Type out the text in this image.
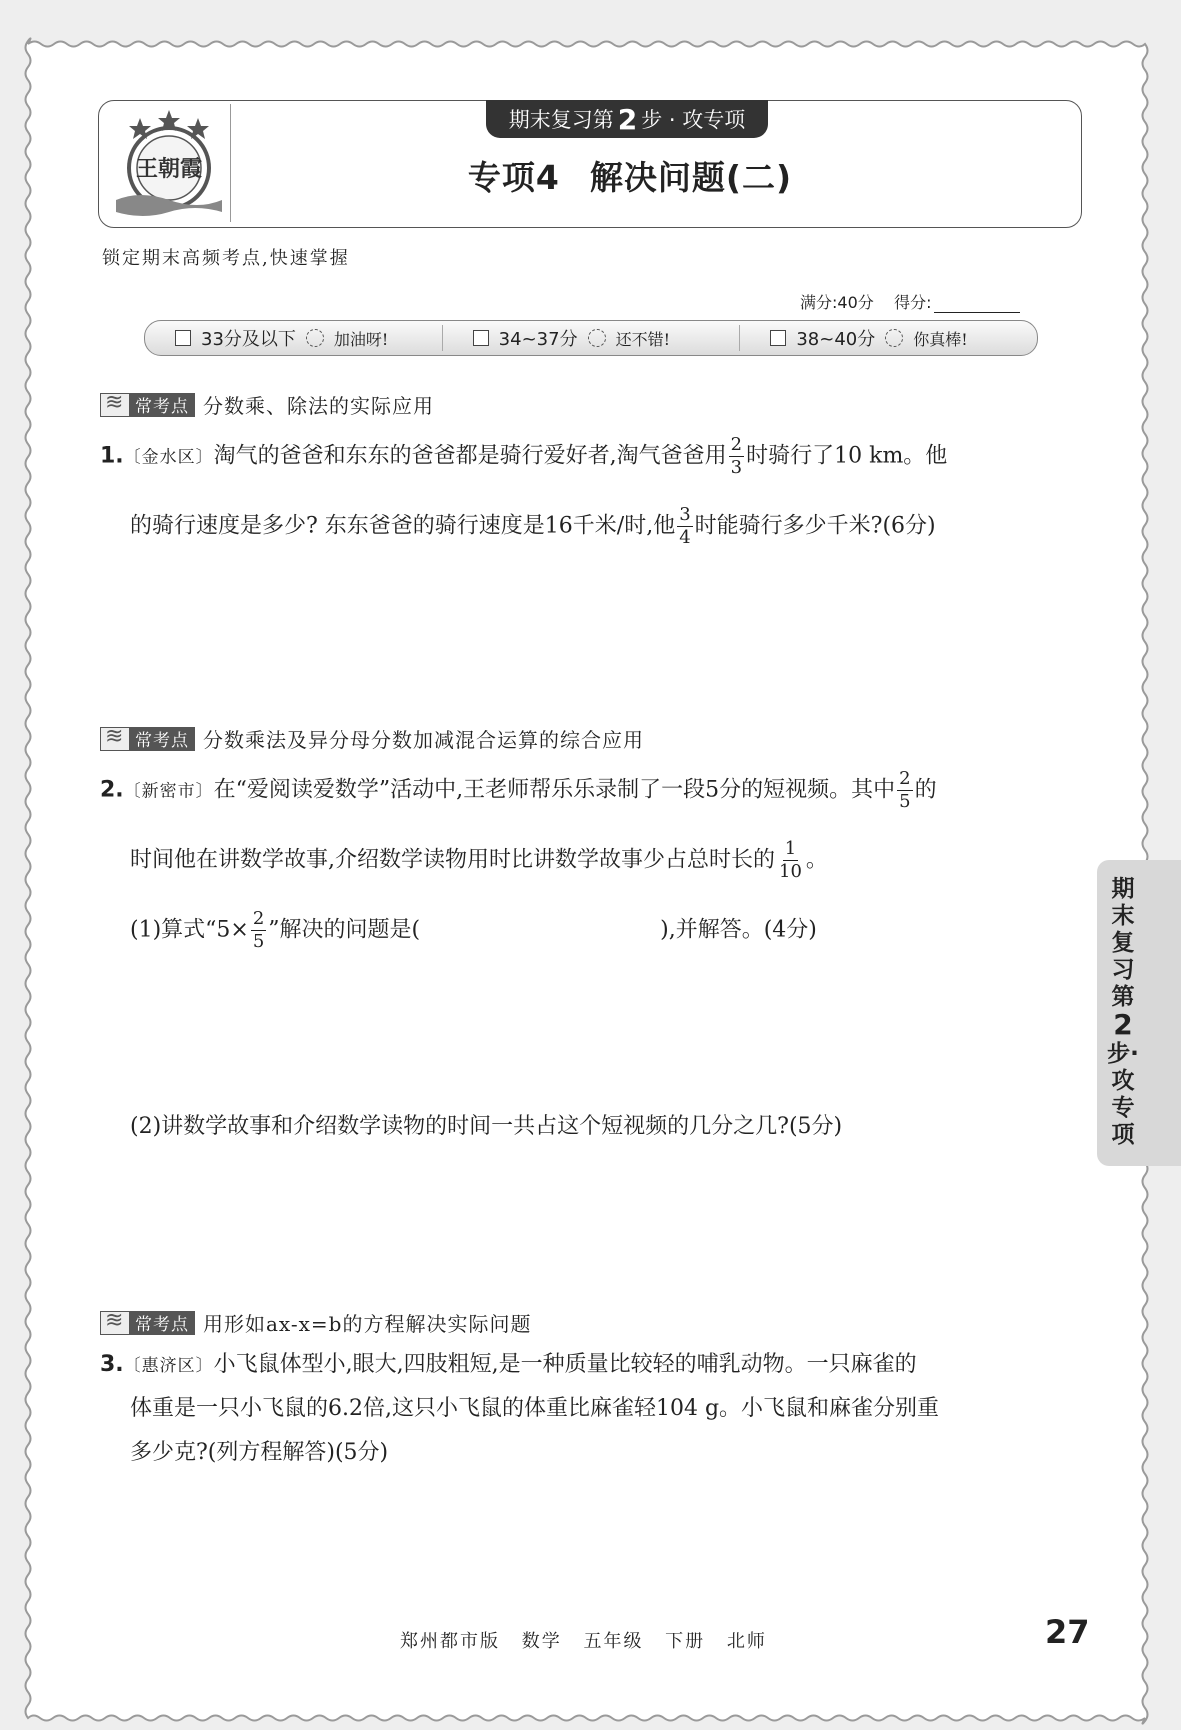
王朝霞
期末复习第 2 步 · 攻专项
专项4 解决问题(二)
锁定期末高频考点,快速掌握
满分:40分 得分:
33分及以下 加油呀!	34~37分 还不错!	38~40分 你真棒!
≋
常考点 分数乘、除法的实际应用
1.〔金水区〕淘气的爸爸和东东的爸爸都是骑行爱好者,淘气爸爸用 $\frac{2}{3}$ 时骑行了10 km。他
的骑行速度是多少? 东东爸爸的骑行速度是16千米/时,他 $\frac{3}{4}$ 时能骑行多少千米?(6分)
≋
常考点 分数乘法及异分母分数加减混合运算的综合应用
2.〔新密市〕在“爱阅读爱数学”活动中,王老师帮乐乐录制了一段5分的短视频。其中 $\frac{2}{5}$ 的
时间他在讲数学故事,介绍数学读物用时比讲数学故事少占总时长的 $\frac{1}{10}$ 。
(1)算式“$5\times \frac{2}{5}$ ”解决的问题是(	),并解答。(4分)
(2)讲数学故事和介绍数学读物的时间一共占这个短视频的几分之几?(5分)
≋
常考点 用形如ax-x=b的方程解决实际问题
3.〔惠济区〕小飞鼠体型小,眼大,四肢粗短,是一种质量比较轻的哺乳动物。一只麻雀的
体重是一只小飞鼠的6.2倍,这只小飞鼠的体重比麻雀轻104 g。小飞鼠和麻雀分别重
多少克?(列方程解答)(5分)
期末复习第2步·攻专项
郑州都市版 数学 五年级 下册 北师	27
